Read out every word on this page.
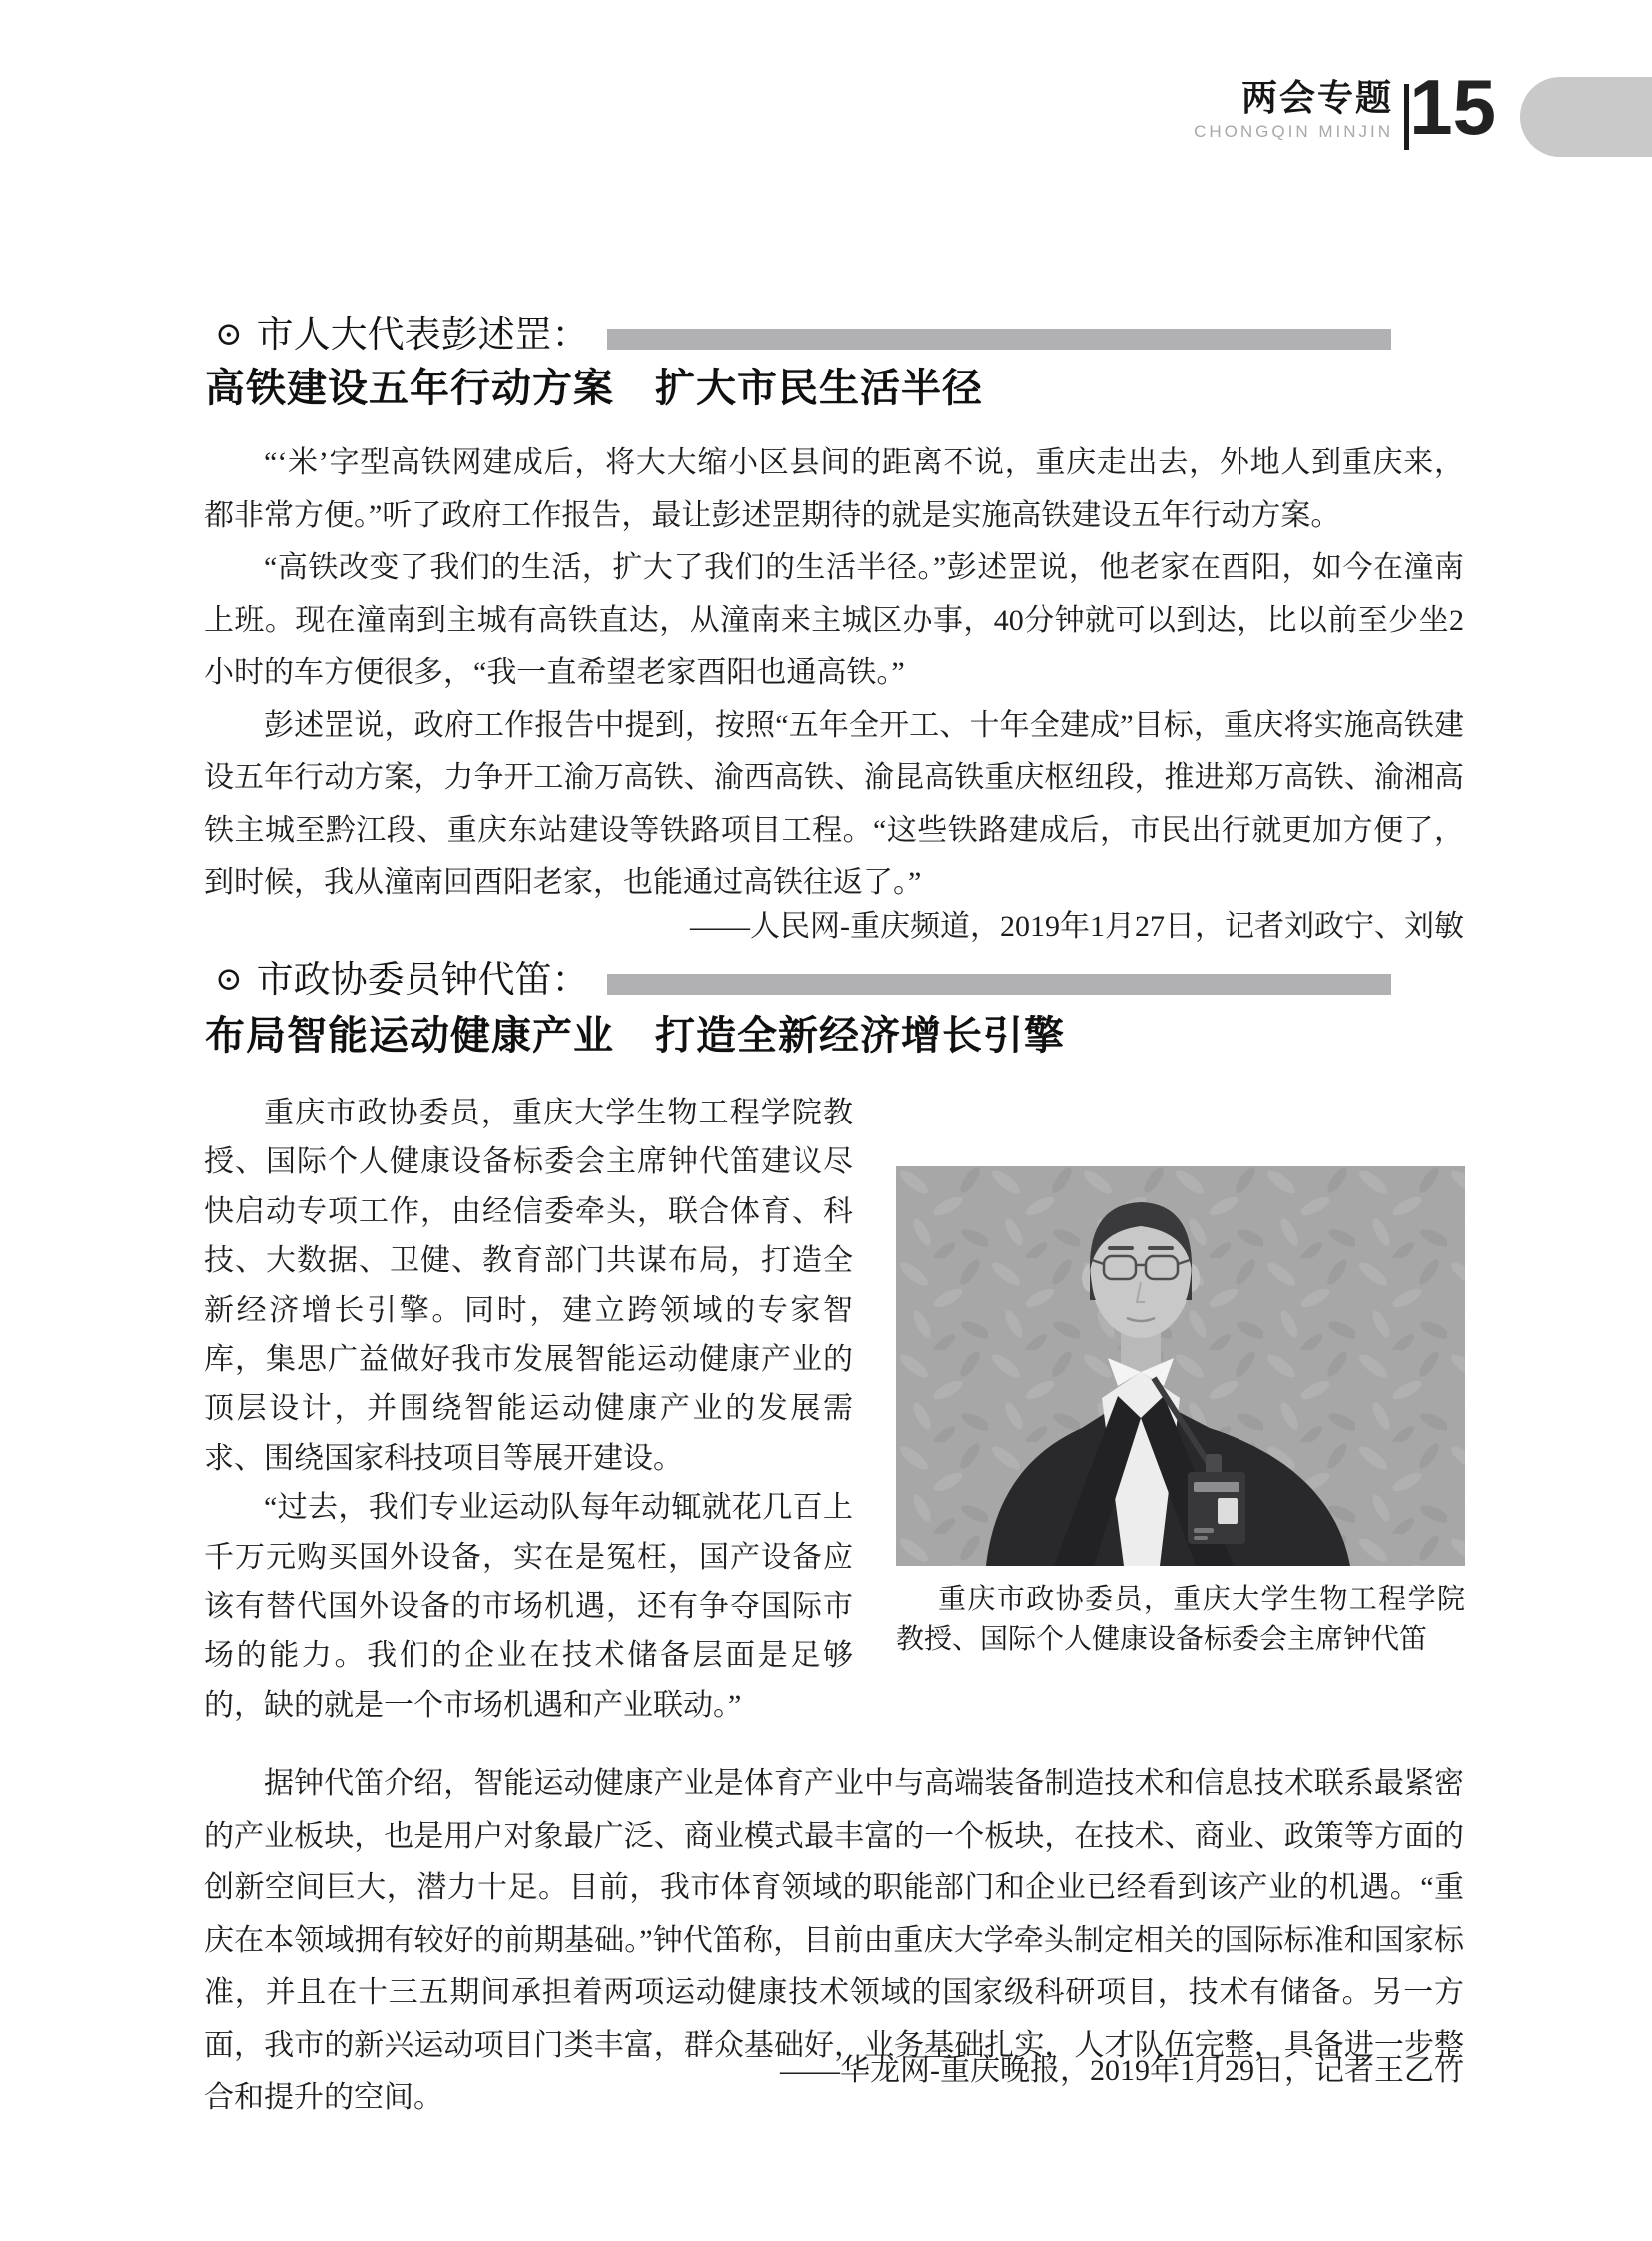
两会专题
CHONGQIN MINJIN 15
⊙ 市人大代表彭述罡：
高铁建设五年行动方案　扩大市民生活半径

“‘米’字型高铁网建成后，将大大缩小区县间的距离不说，重庆走出去，外地人到重庆来，都非常方便。”听了政府工作报告，最让彭述罡期待的就是实施高铁建设五年行动方案。

“高铁改变了我们的生活，扩大了我们的生活半径。”彭述罡说，他老家在酉阳，如今在潼南上班。现在潼南到主城有高铁直达，从潼南来主城区办事，40分钟就可以到达，比以前至少坐2小时的车方便很多，“我一直希望老家酉阳也通高铁。”

彭述罡说，政府工作报告中提到，按照“五年全开工、十年全建成”目标，重庆将实施高铁建设五年行动方案，力争开工渝万高铁、渝西高铁、渝昆高铁重庆枢纽段，推进郑万高铁、渝湘高铁主城至黔江段、重庆东站建设等铁路项目工程。“这些铁路建成后，市民出行就更加方便了，到时候，我从潼南回酉阳老家，也能通过高铁往返了。”

——人民网-重庆频道，2019年1月27日，记者刘政宁、刘敏
⊙ 市政协委员钟代笛：
布局智能运动健康产业　打造全新经济增长引擎

重庆市政协委员，重庆大学生物工程学院教授、国际个人健康设备标委会主席钟代笛建议尽快启动专项工作，由经信委牵头，联合体育、科技、大数据、卫健、教育部门共谋布局，打造全新经济增长引擎。同时，建立跨领域的专家智库，集思广益做好我市发展智能运动健康产业的顶层设计，并围绕智能运动健康产业的发展需求、围绕国家科技项目等展开建设。

“过去，我们专业运动队每年动辄就花几百上千万元购买国外设备，实在是冤枉，国产设备应该有替代国外设备的市场机遇，还有争夺国际市场的能力。我们的企业在技术储备层面是足够的，缺的就是一个市场机遇和产业联动。”

重庆市政协委员，重庆大学生物工程学院教授、国际个人健康设备标委会主席钟代笛

据钟代笛介绍，智能运动健康产业是体育产业中与高端装备制造技术和信息技术联系最紧密的产业板块，也是用户对象最广泛、商业模式最丰富的一个板块，在技术、商业、政策等方面的创新空间巨大，潜力十足。目前，我市体育领域的职能部门和企业已经看到该产业的机遇。“重庆在本领域拥有较好的前期基础。”钟代笛称，目前由重庆大学牵头制定相关的国际标准和国家标准，并且在十三五期间承担着两项运动健康技术领域的国家级科研项目，技术有储备。另一方面，我市的新兴运动项目门类丰富，群众基础好，业务基础扎实，人才队伍完整，具备进一步整合和提升的空间。

——华龙网-重庆晚报，2019年1月29日，记者王乙竹
